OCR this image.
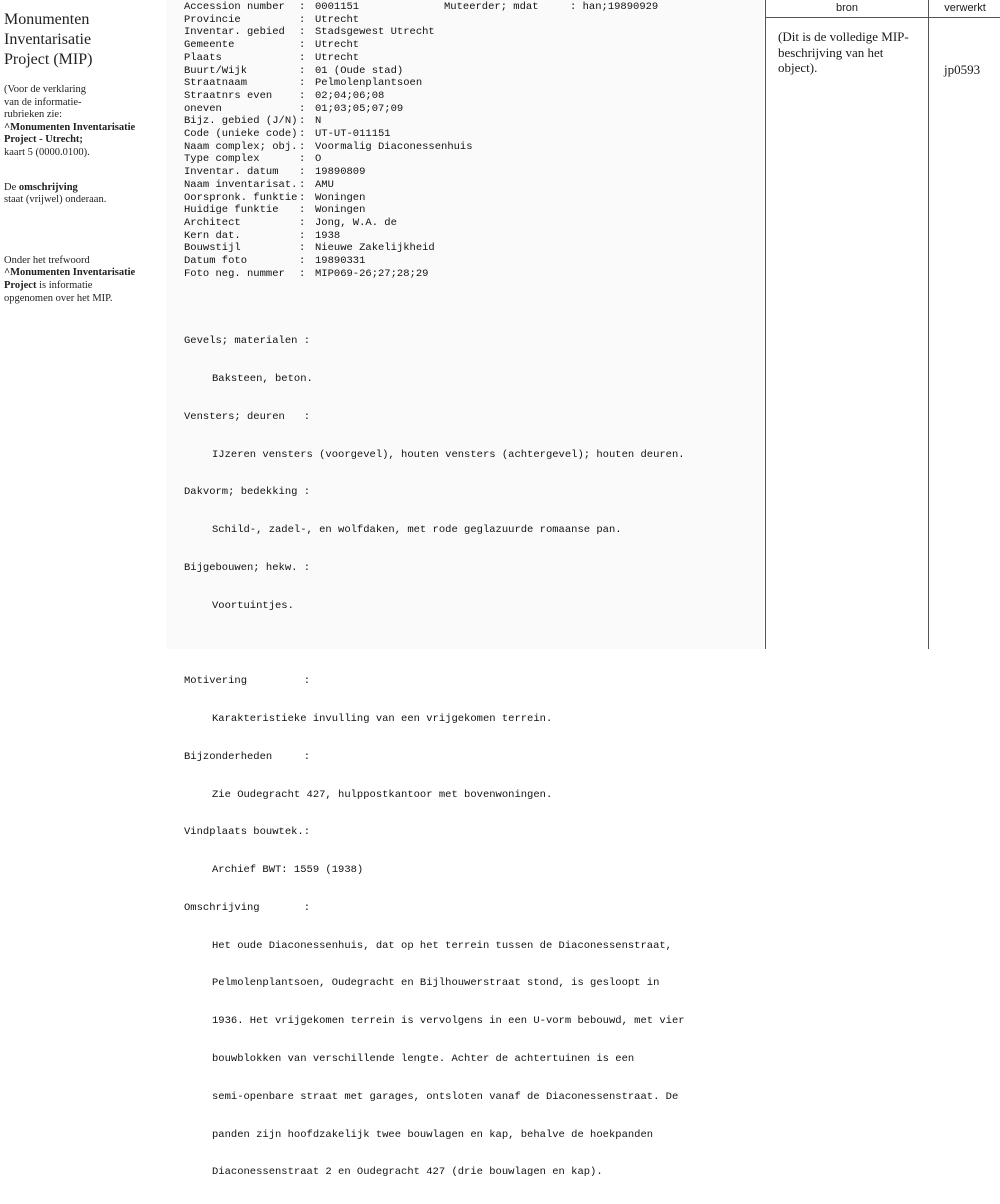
Monumenten
Inventarisatie
Project (MIP)
(Voor de verklaring
van de informatie-
rubrieken zie:
^Monumenten Inventarisatie
Project - Utrecht;
kaart 5 (0000.0100).
De omschrijving
staat (vrijwel) onderaan.
Onder het trefwoord
^Monumenten Inventarisatie
Project is informatie
opgenomen over het MIP.
Accession number	: 0001151
Provincie	: Utrecht
Inventar. gebied	: Stadsgewest Utrecht
Gemeente	: Utrecht
Plaats	: Utrecht
Buurt/Wijk	: 01 (Oude stad)
Straatnaam	: Pelmolenplantsoen
Straatnrs even	: 02;04;06;08
oneven	: 01;03;05;07;09
Bijz. gebied (J/N) : N
Code (unieke code) : UT-UT-011151
Naam complex; obj. : Voormalig Diaconessenhuis
Type complex	: O
Inventar. datum	: 19890809
Naam inventarisat. : AMU
Oorspronk. funktie : Woningen
Huidige funktie	: Woningen
Architect	: Jong, W.A. de
Kern dat.	: 1938
Bouwstijl	: Nieuwe Zakelijkheid
Datum foto	: 19890331
Foto neg. nummer	: MIP069-26;27;28;29
Muteerder; mdat     : han;19890929

Gevels; materialen :

Baksteen, beton.

Vensters; deuren   :

IJzeren vensters (voorgevel), houten vensters (achtergevel); houten deuren.

Dakvorm; bedekking :

Schild-, zadel-, en wolfdaken, met rode geglazuurde romaanse pan.

Bijgebouwen; hekw. :

Voortuintjes.

Motivering         :

Karakteristieke invulling van een vrijgekomen terrein.

Bijzonderheden     :

Zie Oudegracht 427, hulppostkantoor met bovenwoningen.

Vindplaats bouwtek.:

Archief BWT: 1559 (1938)

Omschrijving       :

Het oude Diaconessenhuis, dat op het terrein tussen de Diaconessenstraat,

Pelmolenplantsoen, Oudegracht en Bijlhouwerstraat stond, is gesloopt in

1936. Het vrijgekomen terrein is vervolgens in een U-vorm bebouwd, met vier

bouwblokken van verschillende lengte. Achter de achtertuinen is een

semi-openbare straat met garages, ontsloten vanaf de Diaconessenstraat. De

panden zijn hoofdzakelijk twee bouwlagen en kap, behalve de hoekpanden

Diaconessenstraat 2 en Oudegracht 427 (drie bouwlagen en kap).

bron	verwerkt
(Dit is de volledige MIP-beschrijving van het object).	jp0593
